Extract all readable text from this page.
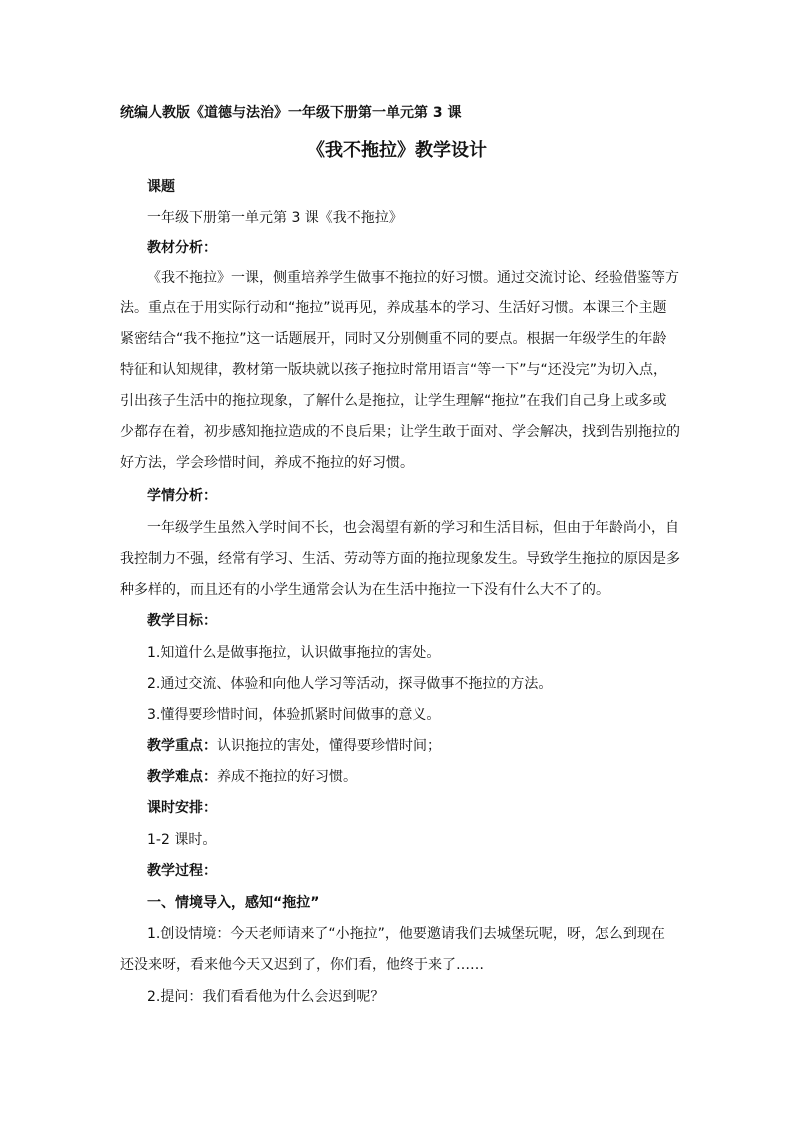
统编人教版《道德与法治》一年级下册第一单元第 3 课
《我不拖拉》教学设计
课题
一年级下册第一单元第 3 课《我不拖拉》
教材分析：
《我不拖拉》一课，侧重培养学生做事不拖拉的好习惯。通过交流讨论、经验借鉴等方
法。重点在于用实际行动和“拖拉”说再见，养成基本的学习、生活好习惯。本课三个主题
紧密结合“我不拖拉”这一话题展开，同时又分别侧重不同的要点。根据一年级学生的年龄
特征和认知规律，教材第一版块就以孩子拖拉时常用语言“等一下”与“还没完”为切入点，
引出孩子生活中的拖拉现象，了解什么是拖拉，让学生理解“拖拉”在我们自己身上或多或
少都存在着，初步感知拖拉造成的不良后果；让学生敢于面对、学会解决，找到告别拖拉的
好方法，学会珍惜时间，养成不拖拉的好习惯。
学情分析：
一年级学生虽然入学时间不长，也会渴望有新的学习和生活目标，但由于年龄尚小，自
我控制力不强，经常有学习、生活、劳动等方面的拖拉现象发生。导致学生拖拉的原因是多
种多样的，而且还有的小学生通常会认为在生活中拖拉一下没有什么大不了的。
教学目标：
1.知道什么是做事拖拉，认识做事拖拉的害处。
2.通过交流、体验和向他人学习等活动，探寻做事不拖拉的方法。
3.懂得要珍惜时间，体验抓紧时间做事的意义。
教学重点：认识拖拉的害处，懂得要珍惜时间；
教学难点：养成不拖拉的好习惯。
课时安排：
1-2 课时。
教学过程：
一、情境导入，感知“拖拉”
1.创设情境：今天老师请来了“小拖拉”，他要邀请我们去城堡玩呢，呀，怎么到现在
还没来呀，看来他今天又迟到了，你们看，他终于来了……
2.提问：我们看看他为什么会迟到呢？
